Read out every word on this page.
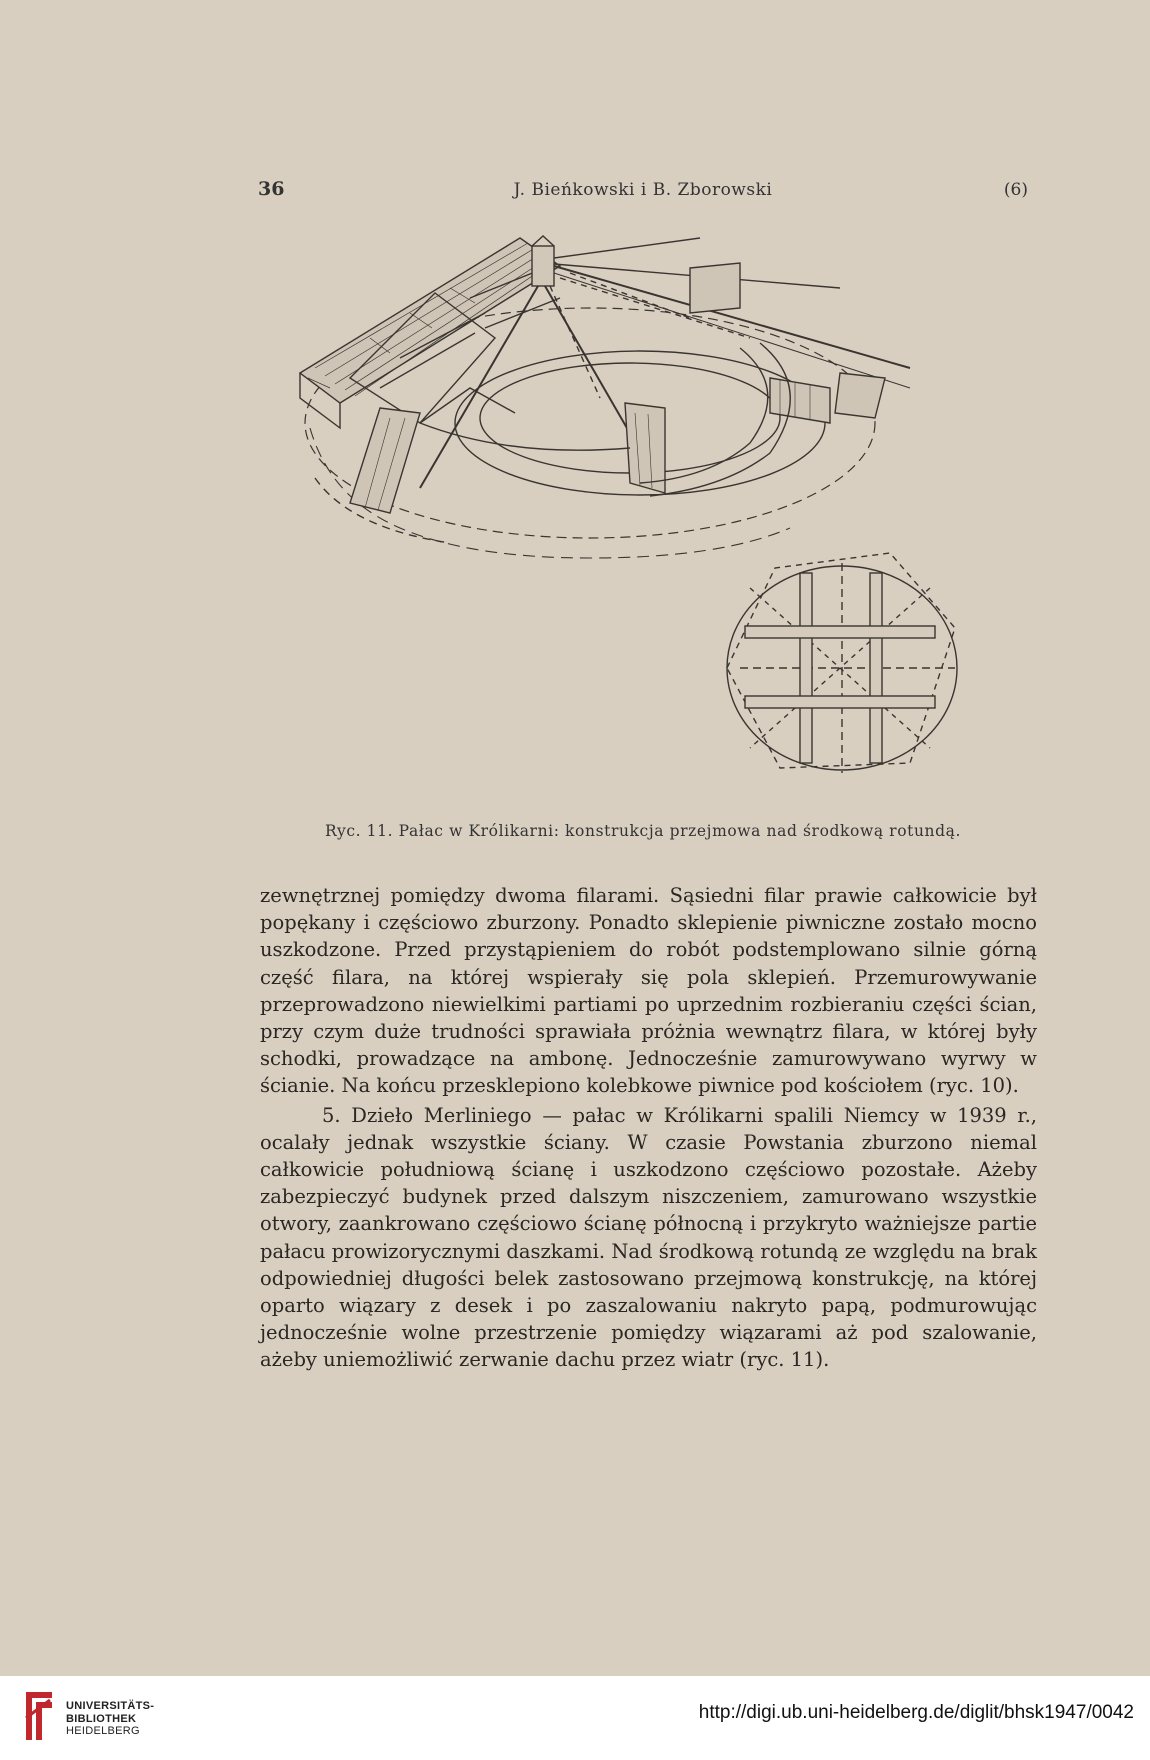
36	J. Bieńkowski i B. Zborowski	(6)
Ryc. 11. Pałac w Królikarni: konstrukcja przejmowa nad środkową rotundą.

zewnętrznej pomiędzy dwoma filarami. Sąsiedni filar prawie całkowicie był popękany i częściowo zburzony. Ponadto sklepienie piwniczne zostało mocno uszkodzone. Przed przystąpieniem do robót podstemplowano silnie górną część filara, na której wspierały się pola sklepień. Przemurowywanie przeprowadzono niewielkimi partiami po uprzednim rozbieraniu części ścian, przy czym duże trudności sprawiała próżnia wewnątrz filara, w której były schodki, prowadzące na ambonę. Jednocześnie zamurowywano wyrwy w ścianie. Na końcu przesklepiono kolebkowe piwnice pod kościołem (ryc. 10).

5. Dzieło Merliniego — pałac w Królikarni spalili Niemcy w 1939 r., ocalały jednak wszystkie ściany. W czasie Powstania zburzono niemal całkowicie południową ścianę i uszkodzono częściowo pozostałe. Ażeby zabezpieczyć budynek przed dalszym niszczeniem, zamurowano wszystkie otwory, zaankrowano częściowo ścianę północną i przykryto ważniejsze partie pałacu prowizorycznymi daszkami. Nad środkową rotundą ze względu na brak odpowiedniej długości belek zastosowano przejmową konstrukcję, na której oparto wiązary z desek i po zaszalowaniu nakryto papą, podmurowując jednocześnie wolne przestrzenie pomiędzy wiązarami aż pod szalowanie, ażeby uniemożliwić zerwanie dachu przez wiatr (ryc. 11).

UNIVERSITÄTS-
BIBLIOTHEK
HEIDELBERG
http://digi.ub.uni-heidelberg.de/diglit/bhsk1947/0042
